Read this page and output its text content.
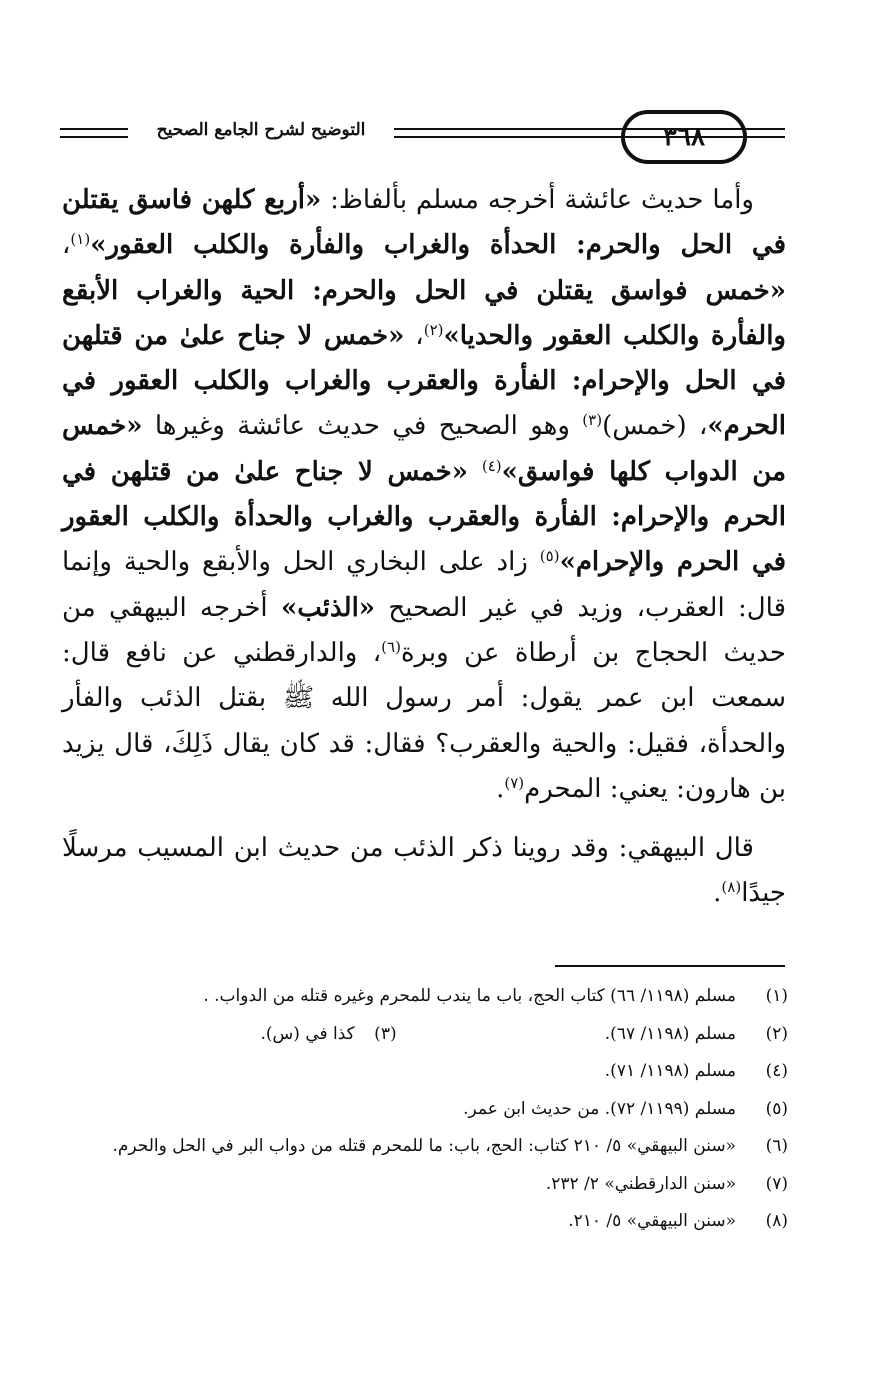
٣٦٨
التوضيح لشرح الجامع الصحيح

وأما حديث عائشة أخرجه مسلم بألفاظ: «أربع كلهن فاسق يقتلن في الحل والحرم: الحدأة والغراب والفأرة والكلب العقور»$^{(١)}$، «خمس فواسق يقتلن في الحل والحرم: الحية والغراب الأبقع والفأرة والكلب العقور والحديا»$^{(٢)}$، «خمس لا جناح علىٰ من قتلهن في الحل والإحرام: الفأرة والعقرب والغراب والكلب العقور في الحرم»، (خمس)$^{(٣)}$ وهو الصحيح في حديث عائشة وغيرها «خمس من الدواب كلها فواسق»$^{(٤)}$ «خمس لا جناح علىٰ من قتلهن في الحرم والإحرام: الفأرة والعقرب والغراب والحدأة والكلب العقور في الحرم والإحرام»$^{(٥)}$ زاد على البخاري الحل والأبقع والحية وإنما قال: العقرب، وزيد في غير الصحيح «الذئب» أخرجه البيهقي من حديث الحجاج بن أرطاة عن وبرة$^{(٦)}$، والدارقطني عن نافع قال: سمعت ابن عمر يقول: أمر رسول الله ﷺ بقتل الذئب والفأر والحدأة، فقيل: والحية والعقرب؟ فقال: قد كان يقال ذَلِكَ، قال يزيد بن هارون: يعني: المحرم$^{(٧)}$.

قال البيهقي: وقد روينا ذكر الذئب من حديث ابن المسيب مرسلًا جيدًا$^{(٨)}$.

(١)
مسلم (١١٩٨/ ٦٦) كتاب الحج، باب ما يندب للمحرم وغيره قتله من الدواب. .
(٢)
مسلم (١١٩٨/ ٦٧). (٣) كذا في (س).
(٤)
مسلم (١١٩٨/ ٧١).
(٥)
مسلم (١١٩٩/ ٧٢). من حديث ابن عمر.
(٦)
«سنن البيهقي» ٥/ ٢١٠ كتاب: الحج، باب: ما للمحرم قتله من دواب البر في الحل والحرم.
(٧)
«سنن الدارقطني» ٢/ ٢٣٢.
(٨)
«سنن البيهقي» ٥/ ٢١٠.
